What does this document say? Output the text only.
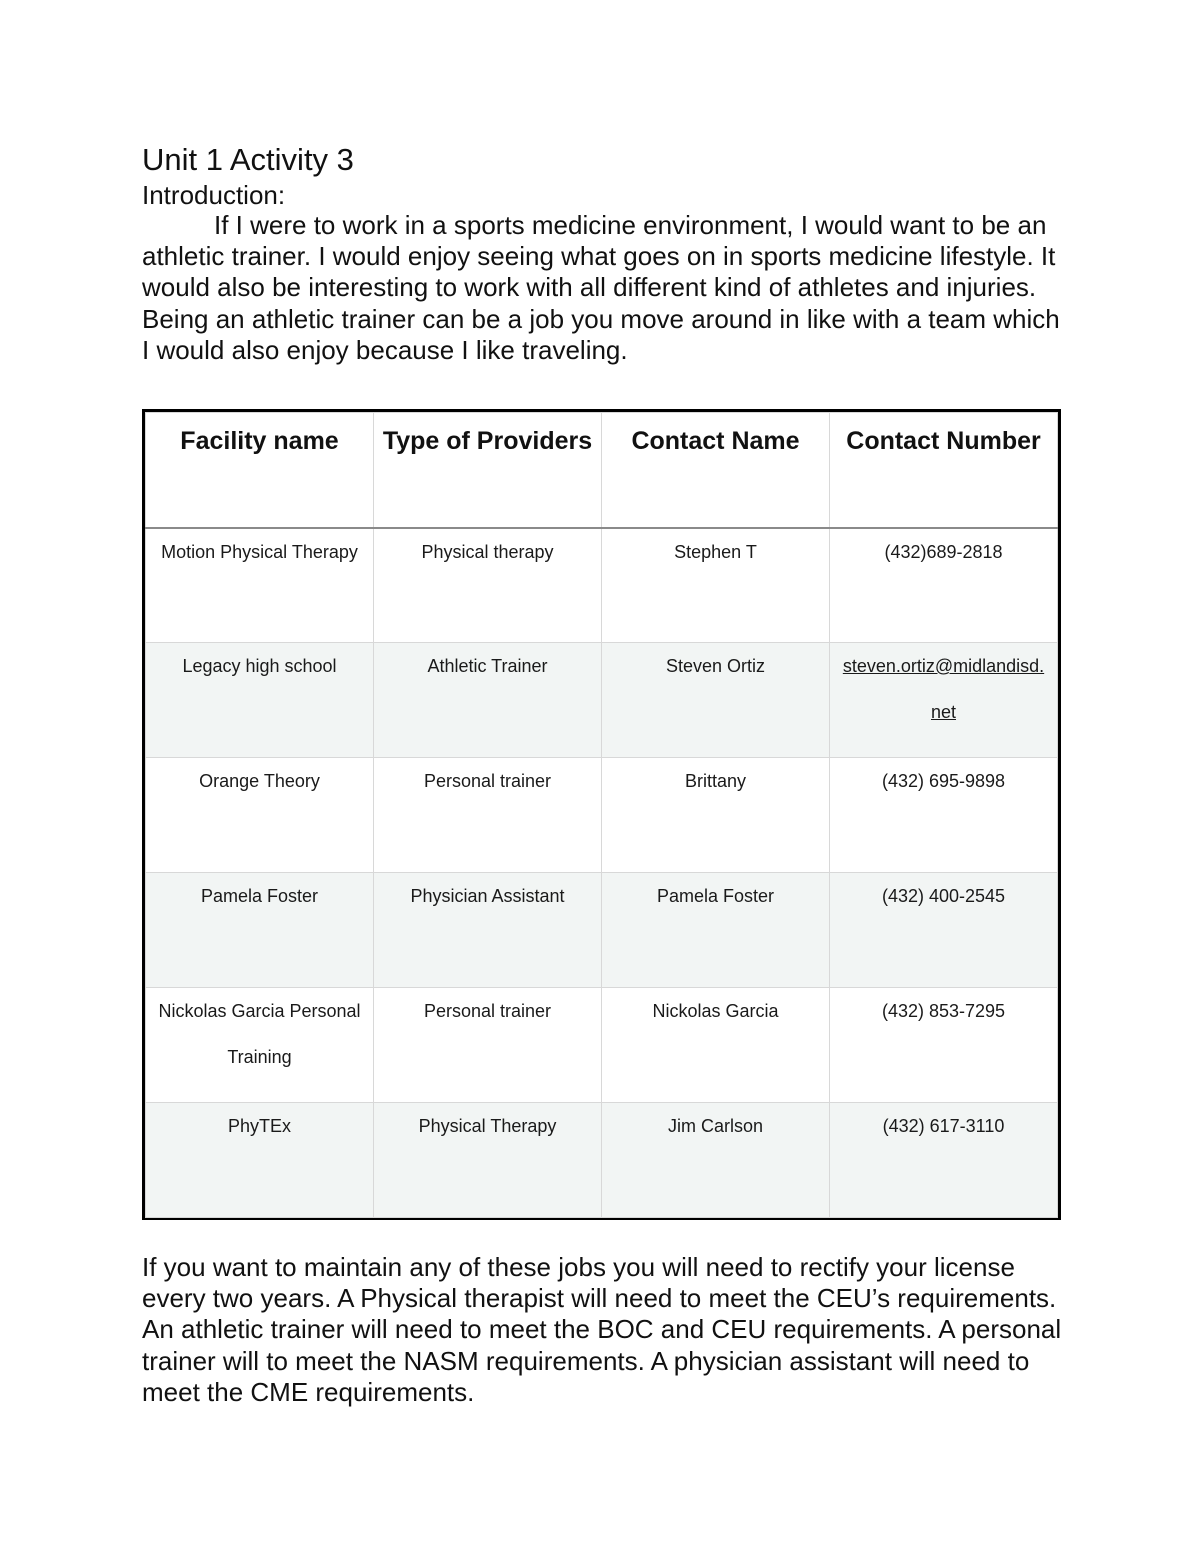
Unit 1 Activity 3

Introduction:

If I were to work in a sports medicine environment, I would want to be an athletic trainer. I would enjoy seeing what goes on in sports medicine lifestyle. It would also be interesting to work with all different kind of athletes and injuries. Being an athletic trainer can be a job you move around in like with a team which I would also enjoy because I like traveling.

Facility name	Type of Providers	Contact Name	Contact Number
Motion Physical Therapy	Physical therapy	Stephen T	(432)689-2818
Legacy high school	Athletic Trainer	Steven Ortiz	steven.ortiz@midlandisd.net
Orange Theory	Personal trainer	Brittany	(432) 695-9898
Pamela Foster	Physician Assistant	Pamela Foster	(432) 400-2545
Nickolas Garcia Personal Training	Personal trainer	Nickolas Garcia	(432) 853-7295
PhyTEx	Physical Therapy	Jim Carlson	(432) 617-3110

If you want to maintain any of these jobs you will need to rectify your license every two years. A Physical therapist will need to meet the CEU’s requirements. An athletic trainer will need to meet the BOC and CEU requirements. A personal trainer will to meet the NASM requirements. A physician assistant will need to meet the CME requirements.
